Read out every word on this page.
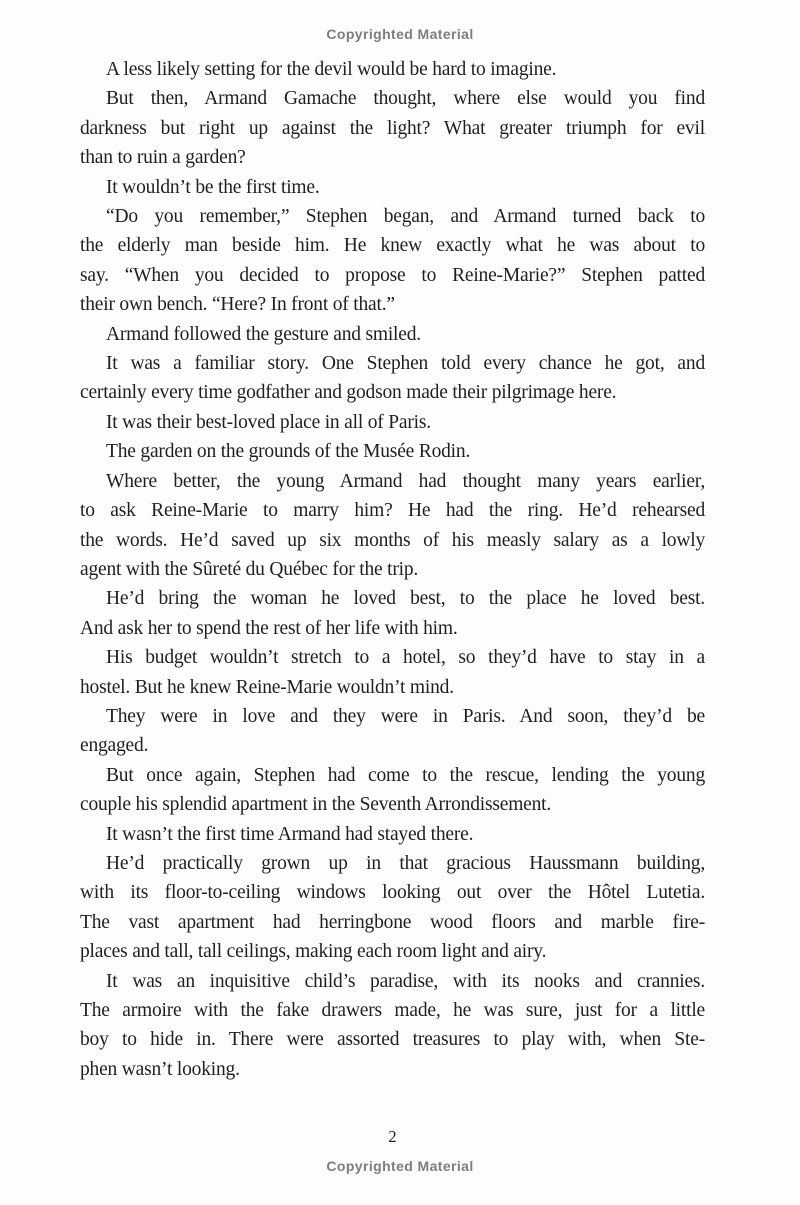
Copyrighted Material
A less likely setting for the devil would be hard to imagine.
But then, Armand Gamache thought, where else would you find
darkness but right up against the light? What greater triumph for evil
than to ruin a garden?
It wouldn’t be the first time.
“Do you remember,” Stephen began, and Armand turned back to
the elderly man beside him. He knew exactly what he was about to
say. “When you decided to propose to Reine-Marie?” Stephen patted
their own bench. “Here? In front of that.”
Armand followed the gesture and smiled.
It was a familiar story. One Stephen told every chance he got, and
certainly every time godfather and godson made their pilgrimage here.
It was their best-loved place in all of Paris.
The garden on the grounds of the Musée Rodin.
Where better, the young Armand had thought many years earlier,
to ask Reine-Marie to marry him? He had the ring. He’d rehearsed
the words. He’d saved up six months of his measly salary as a lowly
agent with the Sûreté du Québec for the trip.
He’d bring the woman he loved best, to the place he loved best.
And ask her to spend the rest of her life with him.
His budget wouldn’t stretch to a hotel, so they’d have to stay in a
hostel. But he knew Reine-Marie wouldn’t mind.
They were in love and they were in Paris. And soon, they’d be
engaged.
But once again, Stephen had come to the rescue, lending the young
couple his splendid apartment in the Seventh Arrondissement.
It wasn’t the first time Armand had stayed there.
He’d practically grown up in that gracious Haussmann building,
with its floor-to-ceiling windows looking out over the Hôtel Lutetia.
The vast apartment had herringbone wood floors and marble fire-
places and tall, tall ceilings, making each room light and airy.
It was an inquisitive child’s paradise, with its nooks and crannies.
The armoire with the fake drawers made, he was sure, just for a little
boy to hide in. There were assorted treasures to play with, when Ste-
phen wasn’t looking.
2
Copyrighted Material
